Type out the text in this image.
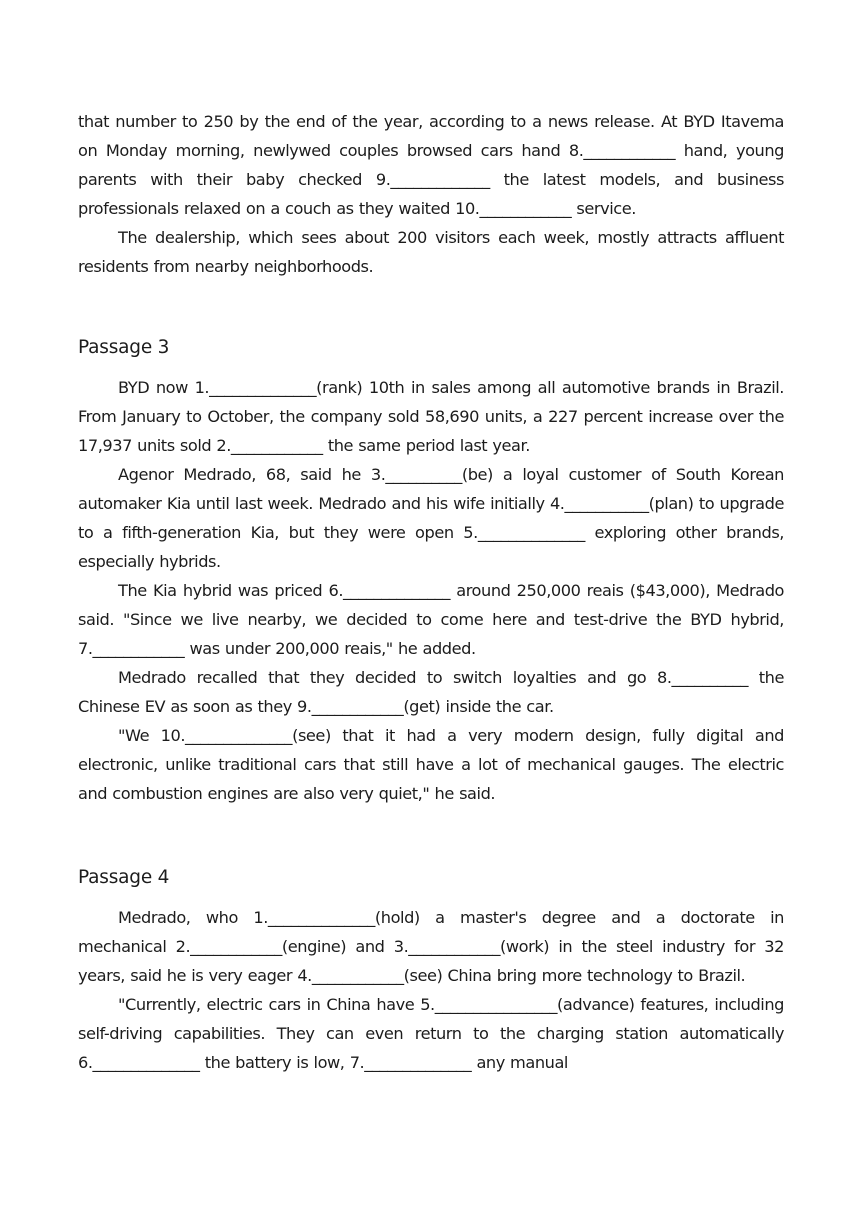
that number to 250 by the end of the year, according to a news release. At BYD Itavema on Monday morning, newlywed couples browsed cars hand 8.____________ hand, young parents with their baby checked 9._____________ the latest models, and business professionals relaxed on a couch as they waited 10.____________ service.

The dealership, which sees about 200 visitors each week, mostly attracts affluent residents from nearby neighborhoods.

Passage 3

BYD now 1.______________(rank) 10th in sales among all automotive brands in Brazil. From January to October, the company sold 58,690 units, a 227 percent increase over the 17,937 units sold 2.____________ the same period last year.

Agenor Medrado, 68, said he 3.__________(be) a loyal customer of South Korean automaker Kia until last week. Medrado and his wife initially 4.___________(plan) to upgrade to a fifth-generation Kia, but they were open 5.______________ exploring other brands, especially hybrids.

The Kia hybrid was priced 6.______________ around 250,000 reais ($43,000), Medrado said. "Since we live nearby, we decided to come here and test-drive the BYD hybrid, 7.____________ was under 200,000 reais," he added.

Medrado recalled that they decided to switch loyalties and go 8.__________ the Chinese EV as soon as they 9.____________(get) inside the car.

"We 10.______________(see) that it had a very modern design, fully digital and electronic, unlike traditional cars that still have a lot of mechanical gauges. The electric and combustion engines are also very quiet," he said.

Passage 4

Medrado, who 1.______________(hold) a master's degree and a doctorate in mechanical 2.____________(engine) and 3.____________(work) in the steel industry for 32 years, said he is very eager 4.____________(see) China bring more technology to Brazil.

"Currently, electric cars in China have 5.________________(advance) features, including self-driving capabilities. They can even return to the charging station automatically 6.______________ the battery is low, 7.______________ any manual
